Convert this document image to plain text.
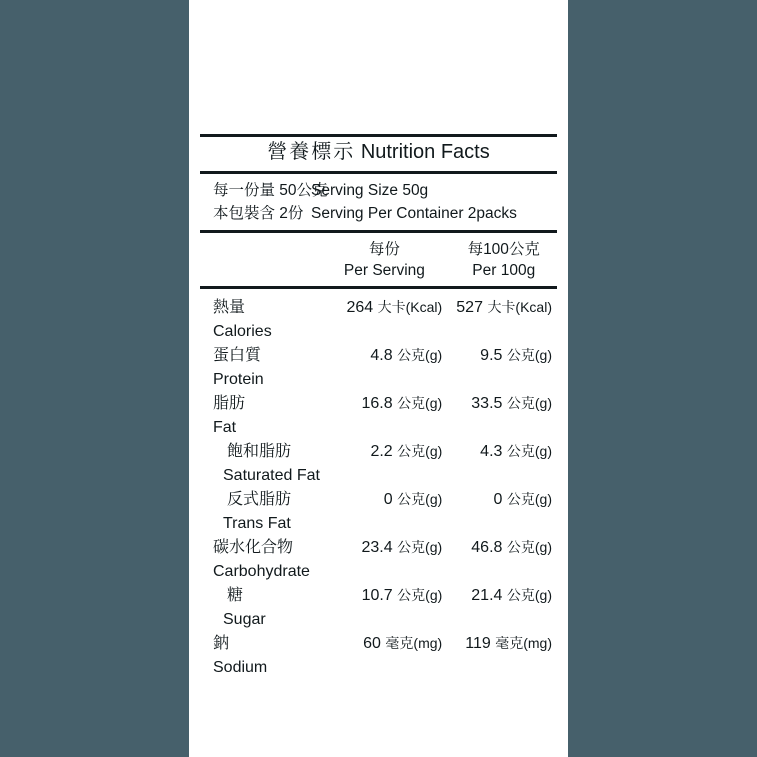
營養標示 Nutrition Facts
每一份量 50公克
Serving Size 50g
本包裝含 2份 Serving Per Container 2packs
每份	每100公克
Per Serving	Per 100g
熱量	264 大卡(Kcal) 527 大卡(Kcal)
Calories
蛋白質	4.8 公克(g)	9.5 公克(g)
Protein
脂肪	16.8 公克(g)	33.5 公克(g)
Fat
飽和脂肪	2.2 公克(g)	4.3 公克(g)
Saturated Fat
反式脂肪	0 公克(g)	0 公克(g)
Trans Fat
碳水化合物	23.4 公克(g)	46.8 公克(g)
Carbohydrate
糖	10.7 公克(g)	21.4 公克(g)
Sugar
鈉	60 毫克(mg)	119 毫克(mg)
Sodium
